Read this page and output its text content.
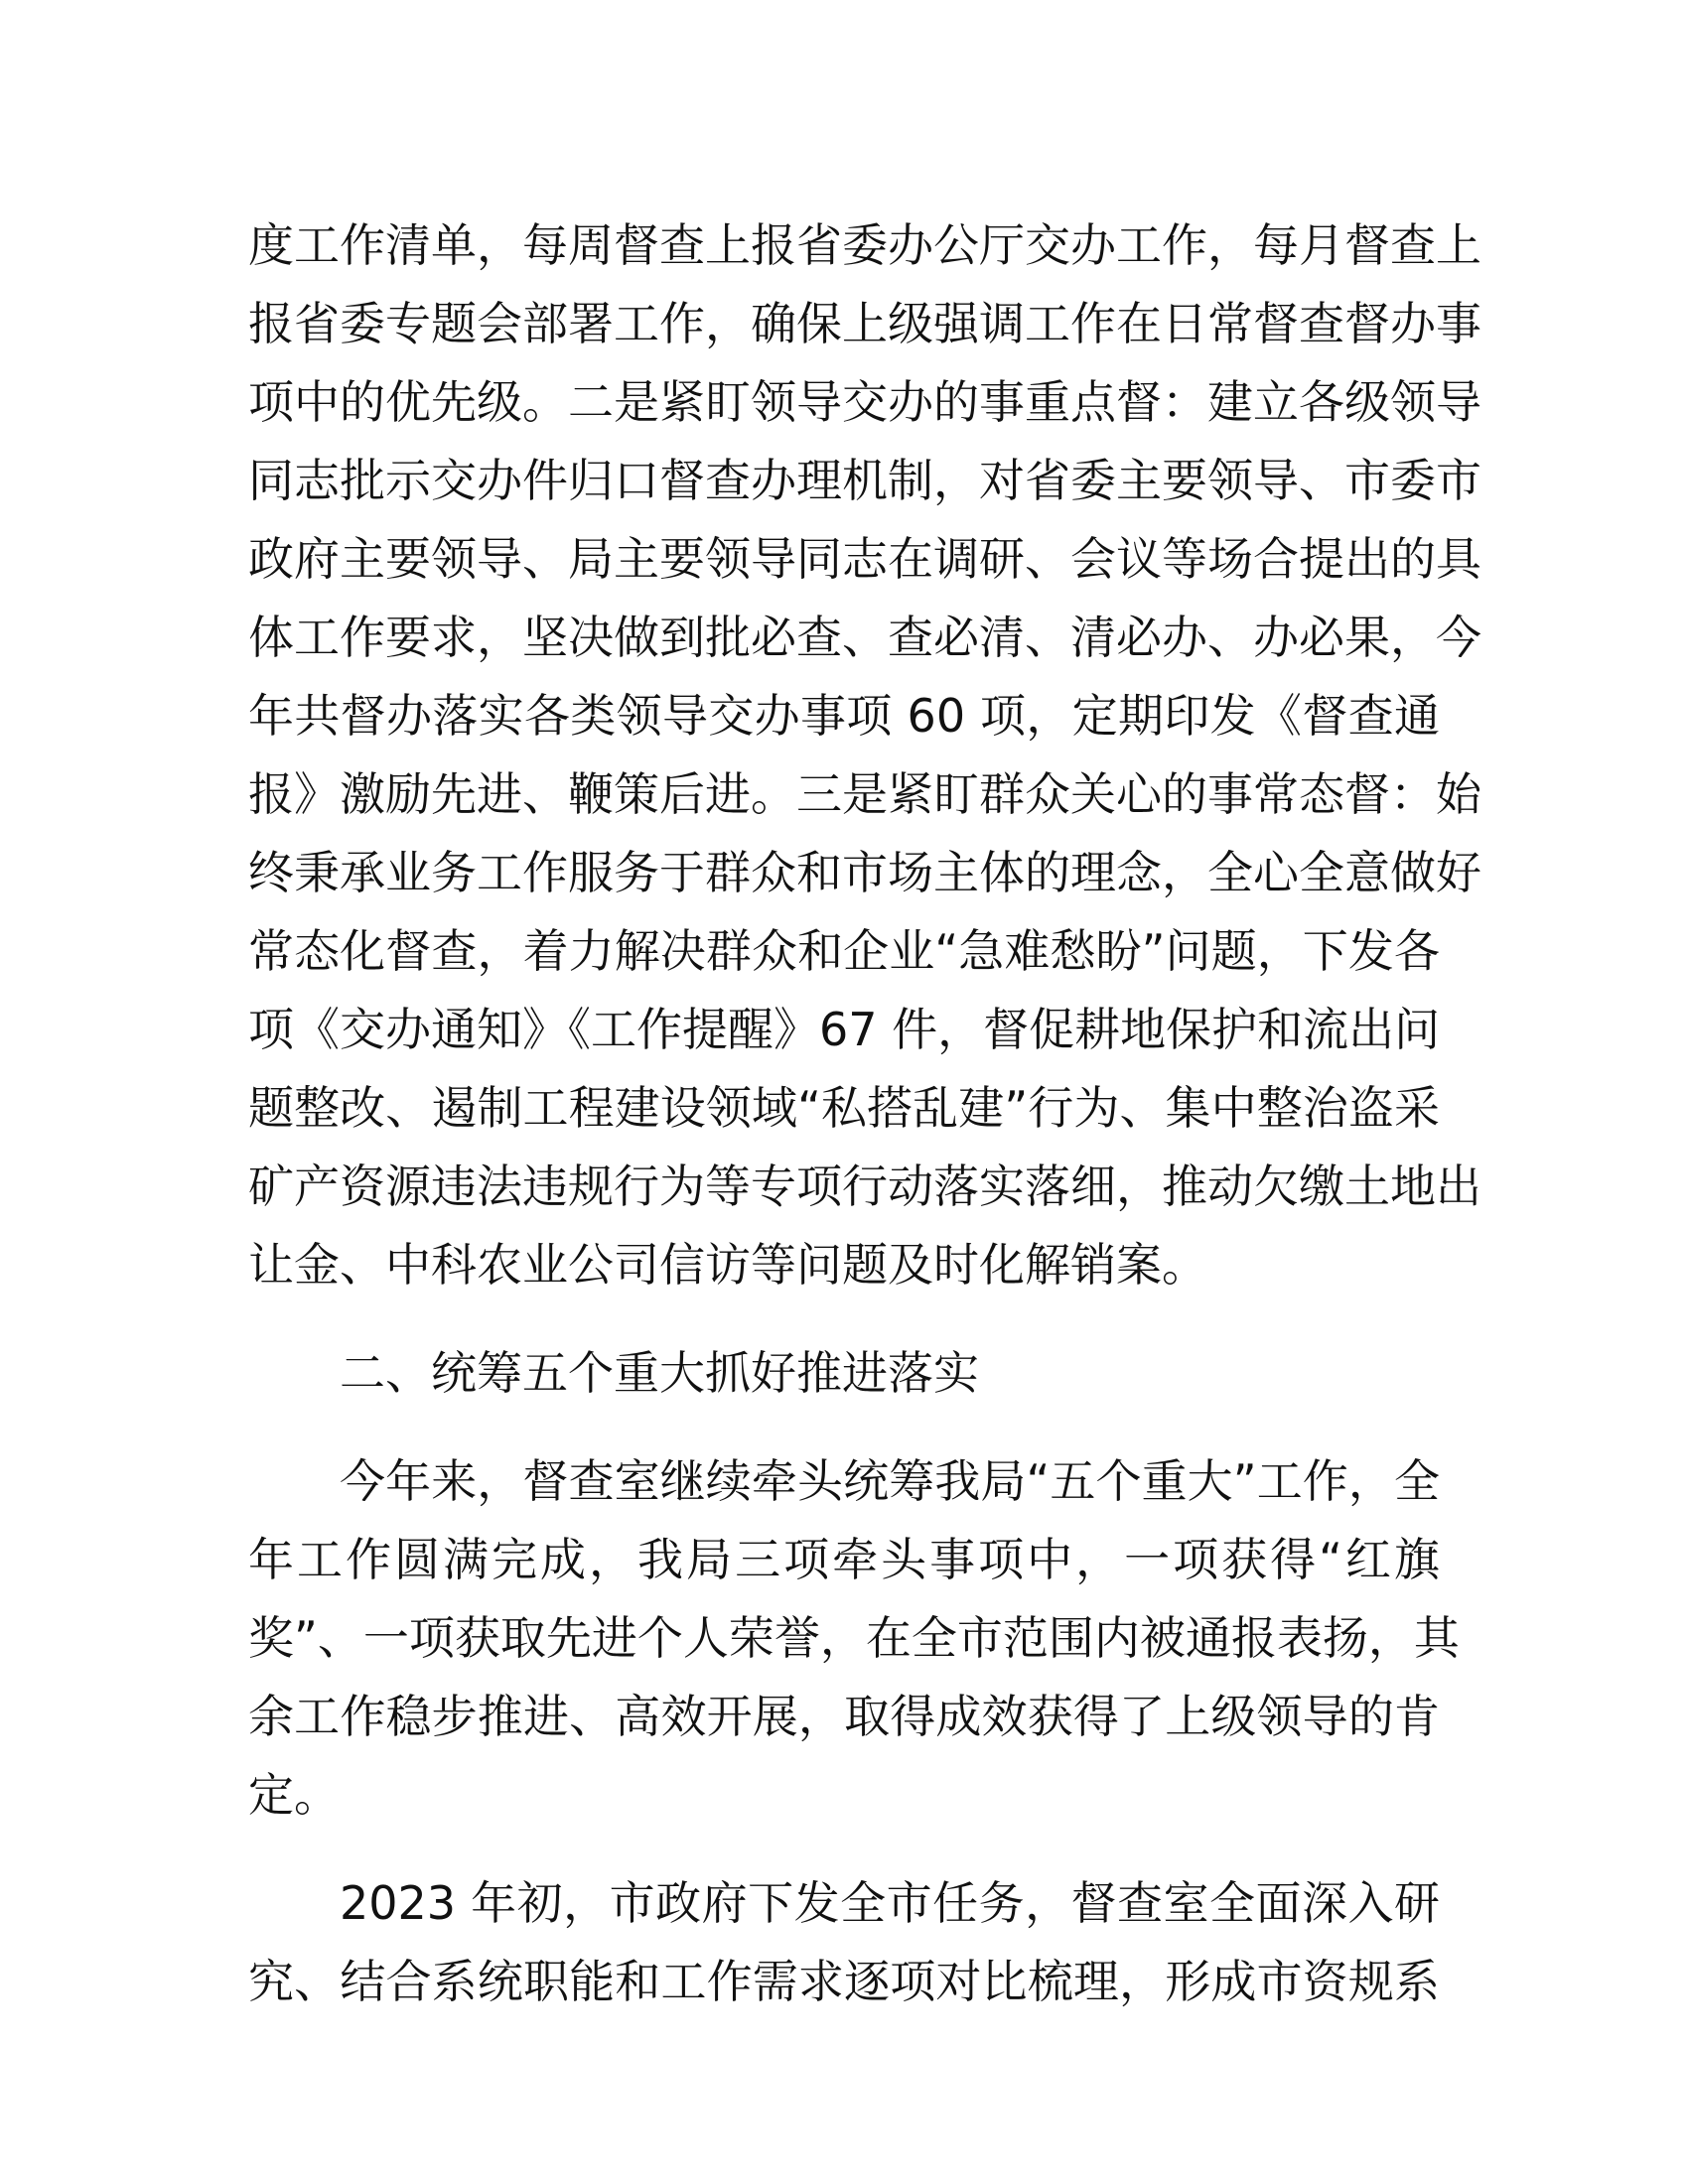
度工作清单，每周督查上报省委办公厅交办工作，每月督查上
报省委专题会部署工作，确保上级强调工作在日常督查督办事
项中的优先级。二是紧盯领导交办的事重点督：建立各级领导
同志批示交办件归口督查办理机制，对省委主要领导、市委市
政府主要领导、局主要领导同志在调研、会议等场合提出的具
体工作要求，坚决做到批必查、查必清、清必办、办必果，今
年共督办落实各类领导交办事项 60 项，定期印发《督查通
报》激励先进、鞭策后进。三是紧盯群众关心的事常态督：始
终秉承业务工作服务于群众和市场主体的理念，全心全意做好
常态化督查，着力解决群众和企业“急难愁盼”问题，下发各
项《交办通知》《工作提醒》67 件，督促耕地保护和流出问
题整改、遏制工程建设领域“私搭乱建”行为、集中整治盗采
矿产资源违法违规行为等专项行动落实落细，推动欠缴土地出
让金、中科农业公司信访等问题及时化解销案。

二、统筹五个重大抓好推进落实

今年来，督查室继续牵头统筹我局“五个重大”工作，全
年工作圆满完成，我局三项牵头事项中，一项获得“红旗
奖”、一项获取先进个人荣誉，在全市范围内被通报表扬，其
余工作稳步推进、高效开展，取得成效获得了上级领导的肯
定。

2023 年初，市政府下发全市任务，督查室全面深入研
究、结合系统职能和工作需求逐项对比梳理，形成市资规系
